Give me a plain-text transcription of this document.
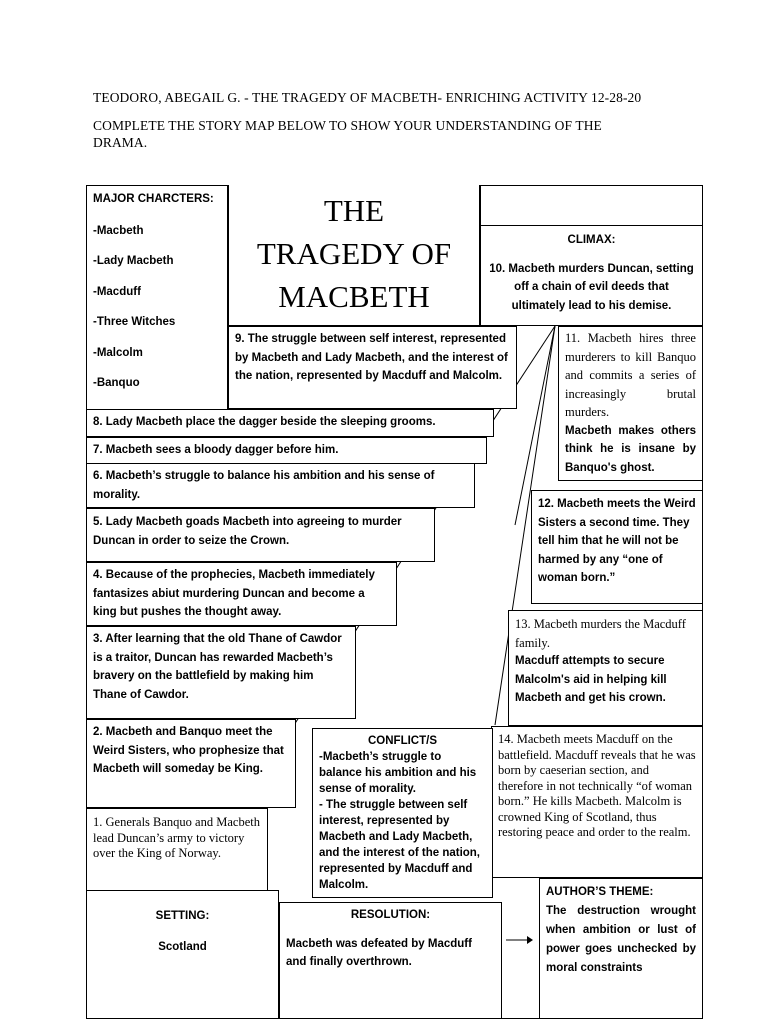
TEODORO, ABEGAIL G. - THE TRAGEDY OF MACBETH- ENRICHING ACTIVITY 12-28-20
COMPLETE THE STORY MAP BELOW TO SHOW YOUR UNDERSTANDING OF THE
DRAMA.

MAJOR CHARCTERS:

-Macbeth

-Lady Macbeth

-Macduff

-Three Witches

-Malcolm

-Banquo

THE
TRAGEDY OF
MACBETH

CLIMAX:

10. Macbeth murders Duncan, setting off a chain of evil deeds that ultimately lead to his demise.

9. The struggle between self interest, represented by Macbeth and Lady Macbeth, and the interest of the nation, represented by Macduff and Malcolm.

8. Lady Macbeth place the dagger beside the sleeping grooms.

7. Macbeth sees a bloody dagger before him.

6. Macbeth’s struggle to balance his ambition and his sense of morality.

5. Lady Macbeth goads Macbeth into agreeing to murder Duncan in order to seize the Crown.

4. Because of the prophecies, Macbeth immediately fantasizes abiut murdering Duncan and become a king but pushes the thought away.

3. After learning that the old Thane of Cawdor is a traitor, Duncan has rewarded Macbeth’s bravery on the battlefield by making him Thane of Cawdor.

2. Macbeth and Banquo meet the Weird Sisters, who prophesize that Macbeth will someday be King.

1. Generals Banquo and Macbeth lead Duncan’s army to victory over the King of Norway.

11. Macbeth hires three murderers to kill Banquo and commits a series of increasingly brutal murders.

Macbeth makes others think he is insane by Banquo's ghost.

12. Macbeth meets the Weird Sisters a second time. They tell him that he will not be harmed by any “one of woman born.”

13. Macbeth murders the Macduff family.

Macduff attempts to secure Malcolm's aid in helping kill Macbeth and get his crown.

14. Macbeth meets Macduff on the battlefield. Macduff reveals that he was born by caeserian section, and therefore in not technically “of woman born.” He kills Macbeth. Malcolm is crowned King of Scotland, thus restoring peace and order to the realm.

CONFLICT/S

-Macbeth’s struggle to balance his ambition and his sense of morality.

- The struggle between self interest, represented by Macbeth and Lady Macbeth, and the interest of the nation, represented by Macduff and Malcolm.

SETTING:

Scotland

RESOLUTION:

Macbeth was defeated by Macduff and finally overthrown.

AUTHOR’S THEME:

The destruction wrought when ambition or lust of power goes unchecked by moral constraints
